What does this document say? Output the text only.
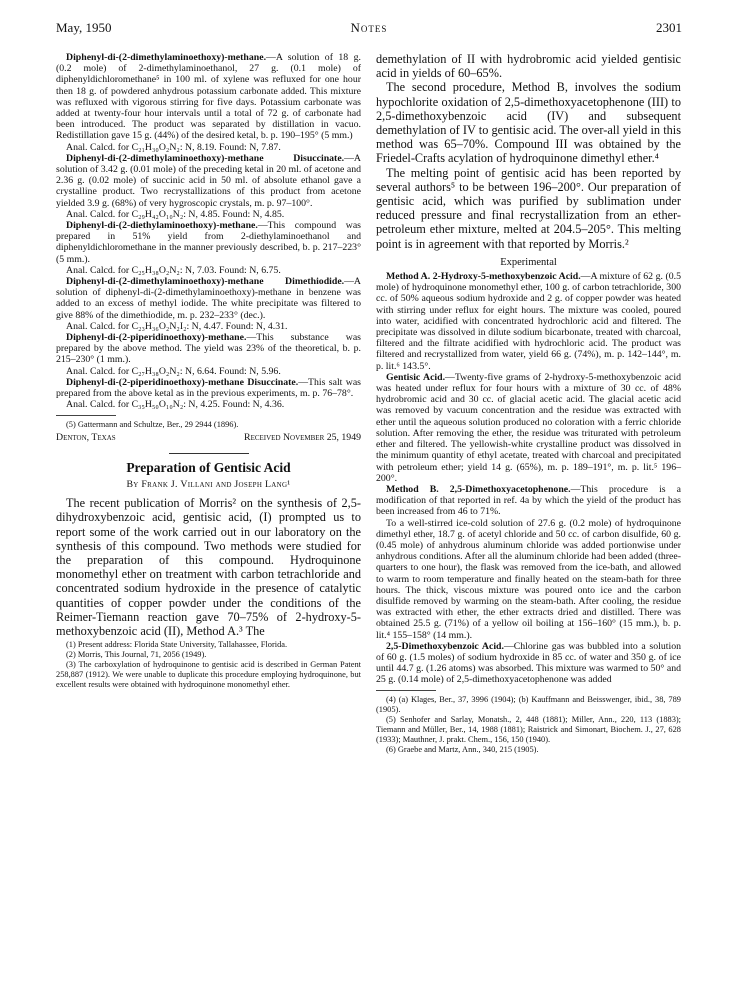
May, 1950	Notes	2301

Diphenyl-di-(2-dimethylaminoethoxy)-methane.—A solution of 18 g. (0.2 mole) of 2-dimethylaminoethanol, 27 g. (0.1 mole) of diphenyldichloromethane⁵ in 100 ml. of xylene was refluxed for one hour then 18 g. of powdered anhydrous potassium carbonate added. This mixture was refluxed with vigorous stirring for five days. Potassium carbonate was added at twenty-four hour intervals until a total of 72 g. of carbonate had been introduced. The product was separated by distillation in vacuo. Redistillation gave 15 g. (44%) of the desired ketal, b. p. 190–195° (5 mm.)

Anal. Calcd. for C₂₁H₃₀O₂N₂: N, 8.19. Found: N, 7.87.

Diphenyl-di-(2-dimethylaminoethoxy)-methane Disuccinate.—A solution of 3.42 g. (0.01 mole) of the preceding ketal in 20 ml. of acetone and 2.36 g. (0.02 mole) of succinic acid in 50 ml. of absolute ethanol gave a crystalline product. Two recrystallizations of this product from acetone yielded 3.9 g. (68%) of very hygroscopic crystals, m. p. 97–100°.

Anal. Calcd. for C₂₉H₄₂O₁₀N₂: N, 4.85. Found: N, 4.85.

Diphenyl-di-(2-diethylaminoethoxy)-methane.—This compound was prepared in 51% yield from 2-diethylaminoethanol and diphenyldichloromethane in the manner previously described, b. p. 217–223° (5 mm.).

Anal. Calcd. for C₂₅H₃₈O₂N₂: N, 7.03. Found: N, 6.75.

Diphenyl-di-(2-dimethylaminoethoxy)-methane Dimethiodide.—A solution of diphenyl-di-(2-dimethylaminoethoxy)-methane in benzene was added to an excess of methyl iodide. The white precipitate was filtered to give 88% of the dimethiodide, m. p. 232–233° (dec.).

Anal. Calcd. for C₂₃H₃₆O₂N₂I₂: N, 4.47. Found: N, 4.31.

Diphenyl-di-(2-piperidinoethoxy)-methane.—This substance was prepared by the above method. The yield was 23% of the theoretical, b. p. 215–230° (1 mm.).

Anal. Calcd. for C₂₇H₃₈O₂N₂: N, 6.64. Found: N, 5.96.

Diphenyl-di-(2-piperidinoethoxy)-methane Disuccinate.—This salt was prepared from the above ketal as in the previous experiments, m. p. 76–78°.

Anal. Calcd. for C₃₅H₅₀O₁₀N₂: N, 4.25. Found: N, 4.36.

(5) Gattermann and Schultze, Ber., 29 2944 (1896).

Denton, Texas	Received November 25, 1949
Preparation of Gentisic Acid
By Frank J. Villani and Joseph Lang¹

The recent publication of Morris² on the synthesis of 2,5-dihydroxybenzoic acid, gentisic acid, (I) prompted us to report some of the work carried out in our laboratory on the synthesis of this compound. Two methods were studied for the preparation of this compound. Hydroquinone monomethyl ether on treatment with carbon tetrachloride and concentrated sodium hydroxide in the presence of catalytic quantities of copper powder under the conditions of the Reimer-Tiemann reaction gave 70–75% of 2-hydroxy-5-methoxybenzoic acid (II), Method A.³ The

(1) Present address: Florida State University, Tallahassee, Florida.

(2) Morris, This Journal, 71, 2056 (1949).

(3) The carboxylation of hydroquinone to gentisic acid is described in German Patent 258,887 (1912). We were unable to duplicate this procedure employing hydroquinone, but excellent results were obtained with hydroquinone monomethyl ether.

demethylation of II with hydrobromic acid yielded gentisic acid in yields of 60–65%.

The second procedure, Method B, involves the sodium hypochlorite oxidation of 2,5-dimethoxyacetophenone (III) to 2,5-dimethoxybenzoic acid (IV) and subsequent demethylation of IV to gentisic acid. The over-all yield in this method was 65–70%. Compound III was obtained by the Friedel-Crafts acylation of hydroquinone dimethyl ether.⁴

The melting point of gentisic acid has been reported by several authors⁵ to be between 196–200°. Our preparation of gentisic acid, which was purified by sublimation under reduced pressure and final recrystallization from an ether-petroleum ether mixture, melted at 204.5–205°. This melting point is in agreement with that reported by Morris.²

Experimental

Method A. 2-Hydroxy-5-methoxybenzoic Acid.—A mixture of 62 g. (0.5 mole) of hydroquinone monomethyl ether, 100 g. of carbon tetrachloride, 300 cc. of 50% aqueous sodium hydroxide and 2 g. of copper powder was heated with stirring under reflux for eight hours. The mixture was cooled, poured into water, acidified with concentrated hydrochloric acid and filtered. The precipitate was dissolved in dilute sodium bicarbonate, treated with charcoal, filtered and the filtrate acidified with hydrochloric acid. The product was filtered and recrystallized from water, yield 66 g. (74%), m. p. 142–144°, m. p. lit.⁶ 143.5°.

Gentisic Acid.—Twenty-five grams of 2-hydroxy-5-methoxybenzoic acid was heated under reflux for four hours with a mixture of 30 cc. of 48% hydrobromic acid and 30 cc. of glacial acetic acid. The glacial acetic acid was removed by vacuum concentration and the residue was extracted with ether until the aqueous solution produced no coloration with a ferric chloride solution. After removing the ether, the residue was triturated with petroleum ether and filtered. The yellowish-white crystalline product was dissolved in the minimum quantity of ethyl acetate, treated with charcoal and precipitated with petroleum ether; yield 14 g. (65%), m. p. 189–191°, m. p. lit.⁵ 196–200°.

Method B. 2,5-Dimethoxyacetophenone.—This procedure is a modification of that reported in ref. 4a by which the yield of the product has been increased from 46 to 71%.

To a well-stirred ice-cold solution of 27.6 g. (0.2 mole) of hydroquinone dimethyl ether, 18.7 g. of acetyl chloride and 50 cc. of carbon disulfide, 60 g. (0.45 mole) of anhydrous aluminum chloride was added portionwise under anhydrous conditions. After all the aluminum chloride had been added (three-quarters to one hour), the flask was removed from the ice-bath, and allowed to warm to room temperature and finally heated on the steam-bath for three hours. The thick, viscous mixture was poured onto ice and the carbon disulfide removed by warming on the steam-bath. After cooling, the residue was extracted with ether, the ether extracts dried and distilled. There was obtained 25.5 g. (71%) of a yellow oil boiling at 156–160° (15 mm.), b. p. lit.⁴ 155–158° (14 mm.).

2,5-Dimethoxybenzoic Acid.—Chlorine gas was bubbled into a solution of 60 g. (1.5 moles) of sodium hydroxide in 85 cc. of water and 350 g. of ice until 44.7 g. (1.26 atoms) was absorbed. This mixture was warmed to 50° and 25 g. (0.14 mole) of 2,5-dimethoxyacetophenone was added

(4) (a) Klages, Ber., 37, 3996 (1904); (b) Kauffmann and Beisswenger, ibid., 38, 789 (1905).

(5) Senhofer and Sarlay, Monatsh., 2, 448 (1881); Miller, Ann., 220, 113 (1883); Tiemann and Müller, Ber., 14, 1988 (1881); Raistrick and Simonart, Biochem. J., 27, 628 (1933); Mauthner, J. prakt. Chem., 156, 150 (1940).

(6) Graebe and Martz, Ann., 340, 215 (1905).
